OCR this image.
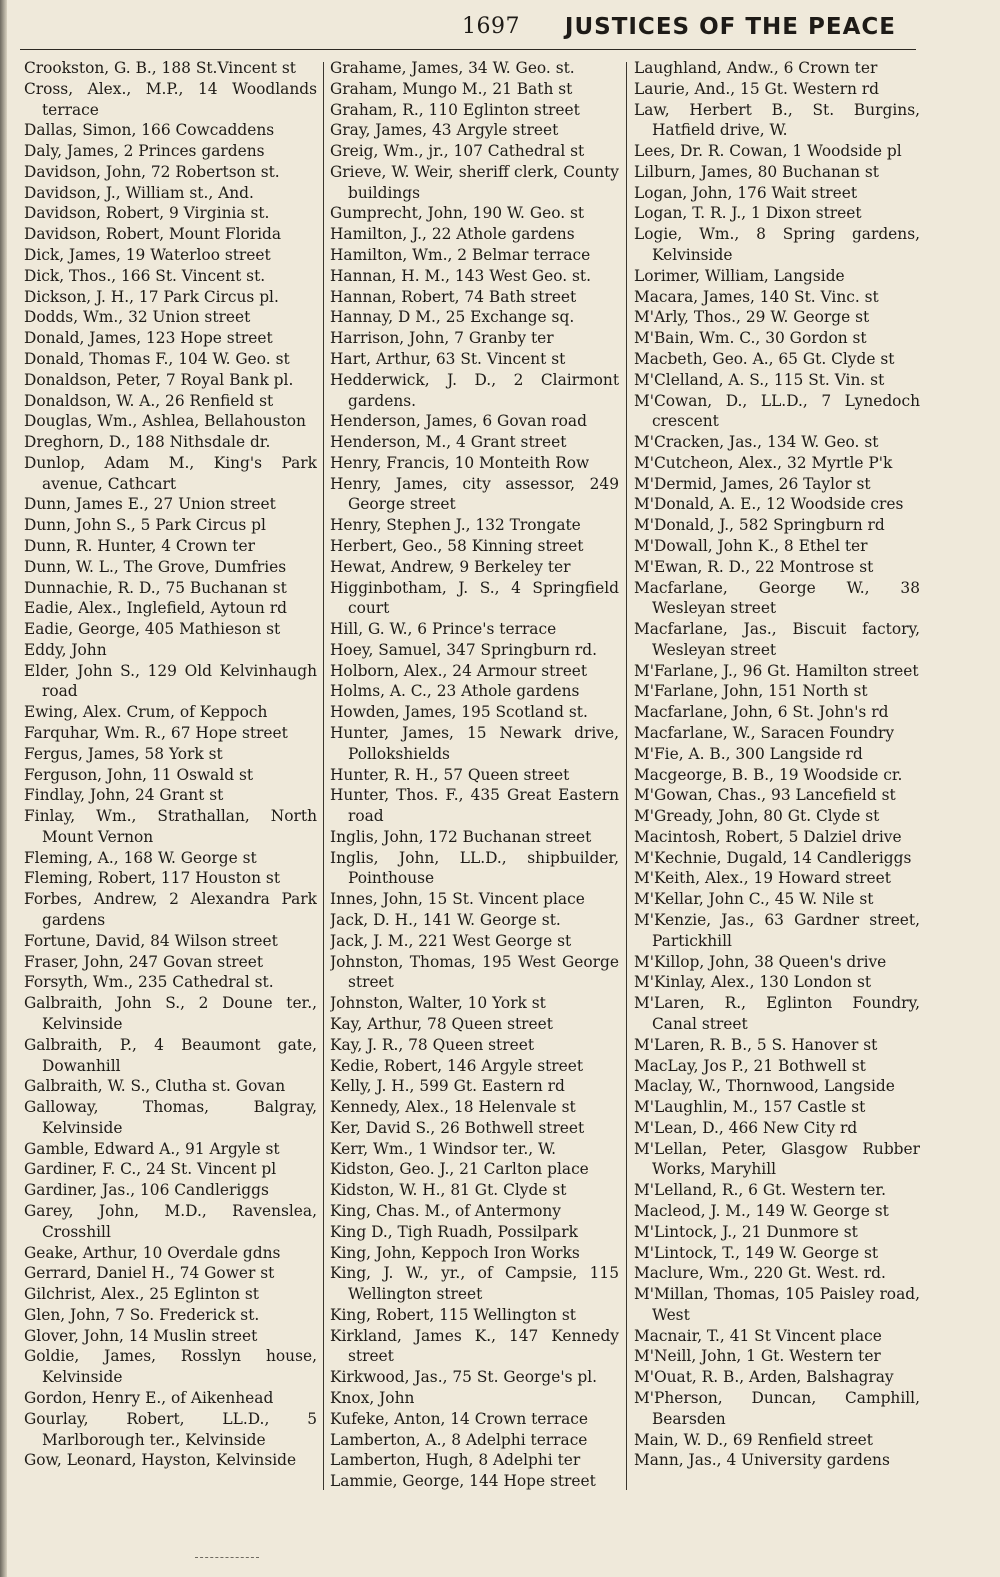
1697 JUSTICES OF THE PEACE
Crookston, G. B., 188 St.Vincent st
Cross, Alex., M.P., 14 Woodlands terrace
Dallas, Simon, 166 Cowcaddens
Daly, James, 2 Princes gardens
Davidson, John, 72 Robertson st.
Davidson, J., William st., And.
Davidson, Robert, 9 Virginia st.
Davidson, Robert, Mount Florida
Dick, James, 19 Waterloo street
Dick, Thos., 166 St. Vincent st.
Dickson, J. H., 17 Park Circus pl.
Dodds, Wm., 32 Union street
Donald, James, 123 Hope street
Donald, Thomas F., 104 W. Geo. st
Donaldson, Peter, 7 Royal Bank pl.
Donaldson, W. A., 26 Renfield st
Douglas, Wm., Ashlea, Bellahouston
Dreghorn, D., 188 Nithsdale dr.
Dunlop, Adam M., King's Park avenue, Cathcart
Dunn, James E., 27 Union street
Dunn, John S., 5 Park Circus pl
Dunn, R. Hunter, 4 Crown ter
Dunn, W. L., The Grove, Dumfries
Dunnachie, R. D., 75 Buchanan st
Eadie, Alex., Inglefield, Aytoun rd
Eadie, George, 405 Mathieson st
Eddy, John
Elder, John S., 129 Old Kelvinhaugh road
Ewing, Alex. Crum, of Keppoch
Farquhar, Wm. R., 67 Hope street
Fergus, James, 58 York st
Ferguson, John, 11 Oswald st
Findlay, John, 24 Grant st
Finlay, Wm., Strathallan, North Mount Vernon
Fleming, A., 168 W. George st
Fleming, Robert, 117 Houston st
Forbes, Andrew, 2 Alexandra Park gardens
Fortune, David, 84 Wilson street
Fraser, John, 247 Govan street
Forsyth, Wm., 235 Cathedral st.
Galbraith, John S., 2 Doune ter., Kelvinside
Galbraith, P., 4 Beaumont gate, Dowanhill
Galbraith, W. S., Clutha st. Govan
Galloway, Thomas, Balgray, Kelvinside
Gamble, Edward A., 91 Argyle st
Gardiner, F. C., 24 St. Vincent pl
Gardiner, Jas., 106 Candleriggs
Garey, John, M.D., Ravenslea, Crosshill
Geake, Arthur, 10 Overdale gdns
Gerrard, Daniel H., 74 Gower st
Gilchrist, Alex., 25 Eglinton st
Glen, John, 7 So. Frederick st.
Glover, John, 14 Muslin street
Goldie, James, Rosslyn house, Kelvinside
Gordon, Henry E., of Aikenhead
Gourlay, Robert, LL.D., 5 Marlborough ter., Kelvinside
Gow, Leonard, Hayston, Kelvinside
Grahame, James, 34 W. Geo. st.
Graham, Mungo M., 21 Bath st
Graham, R., 110 Eglinton street
Gray, James, 43 Argyle street
Greig, Wm., jr., 107 Cathedral st
Grieve, W. Weir, sheriff clerk, County buildings
Gumprecht, John, 190 W. Geo. st
Hamilton, J., 22 Athole gardens
Hamilton, Wm., 2 Belmar terrace
Hannan, H. M., 143 West Geo. st.
Hannan, Robert, 74 Bath street
Hannay, D M., 25 Exchange sq.
Harrison, John, 7 Granby ter
Hart, Arthur, 63 St. Vincent st
Hedderwick, J. D., 2 Clairmont gardens.
Henderson, James, 6 Govan road
Henderson, M., 4 Grant street
Henry, Francis, 10 Monteith Row
Henry, James, city assessor, 249 George street
Henry, Stephen J., 132 Trongate
Herbert, Geo., 58 Kinning street
Hewat, Andrew, 9 Berkeley ter
Higginbotham, J. S., 4 Springfield court
Hill, G. W., 6 Prince's terrace
Hoey, Samuel, 347 Springburn rd.
Holborn, Alex., 24 Armour street
Holms, A. C., 23 Athole gardens
Howden, James, 195 Scotland st.
Hunter, James, 15 Newark drive, Pollokshields
Hunter, R. H., 57 Queen street
Hunter, Thos. F., 435 Great Eastern road
Inglis, John, 172 Buchanan street
Inglis, John, LL.D., shipbuilder, Pointhouse
Innes, John, 15 St. Vincent place
Jack, D. H., 141 W. George st.
Jack, J. M., 221 West George st
Johnston, Thomas, 195 West George street
Johnston, Walter, 10 York st
Kay, Arthur, 78 Queen street
Kay, J. R., 78 Queen street
Kedie, Robert, 146 Argyle street
Kelly, J. H., 599 Gt. Eastern rd
Kennedy, Alex., 18 Helenvale st
Ker, David S., 26 Bothwell street
Kerr, Wm., 1 Windsor ter., W.
Kidston, Geo. J., 21 Carlton place
Kidston, W. H., 81 Gt. Clyde st
King, Chas. M., of Antermony
King D., Tigh Ruadh, Possilpark
King, John, Keppoch Iron Works
King, J. W., yr., of Campsie, 115 Wellington street
King, Robert, 115 Wellington st
Kirkland, James K., 147 Kennedy street
Kirkwood, Jas., 75 St. George's pl.
Knox, John
Kufeke, Anton, 14 Crown terrace
Lamberton, A., 8 Adelphi terrace
Lamberton, Hugh, 8 Adelphi ter
Lammie, George, 144 Hope street
Laughland, Andw., 6 Crown ter
Laurie, And., 15 Gt. Western rd
Law, Herbert B., St. Burgins, Hatfield drive, W.
Lees, Dr. R. Cowan, 1 Woodside pl
Lilburn, James, 80 Buchanan st
Logan, John, 176 Wait street
Logan, T. R. J., 1 Dixon street
Logie, Wm., 8 Spring gardens, Kelvinside
Lorimer, William, Langside
Macara, James, 140 St. Vinc. st
M'Arly, Thos., 29 W. George st
M'Bain, Wm. C., 30 Gordon st
Macbeth, Geo. A., 65 Gt. Clyde st
M'Clelland, A. S., 115 St. Vin. st
M'Cowan, D., LL.D., 7 Lynedoch crescent
M'Cracken, Jas., 134 W. Geo. st
M'Cutcheon, Alex., 32 Myrtle P'k
M'Dermid, James, 26 Taylor st
M'Donald, A. E., 12 Woodside cres
M'Donald, J., 582 Springburn rd
M'Dowall, John K., 8 Ethel ter
M'Ewan, R. D., 22 Montrose st
Macfarlane, George W., 38 Wesleyan street
Macfarlane, Jas., Biscuit factory, Wesleyan street
M'Farlane, J., 96 Gt. Hamilton street
M'Farlane, John, 151 North st
Macfarlane, John, 6 St. John's rd
Macfarlane, W., Saracen Foundry
M'Fie, A. B., 300 Langside rd
Macgeorge, B. B., 19 Woodside cr.
M'Gowan, Chas., 93 Lancefield st
M'Gready, John, 80 Gt. Clyde st
Macintosh, Robert, 5 Dalziel drive
M'Kechnie, Dugald, 14 Candleriggs
M'Keith, Alex., 19 Howard street
M'Kellar, John C., 45 W. Nile st
M'Kenzie, Jas., 63 Gardner street, Partickhill
M'Killop, John, 38 Queen's drive
M'Kinlay, Alex., 130 London st
M'Laren, R., Eglinton Foundry, Canal street
M'Laren, R. B., 5 S. Hanover st
MacLay, Jos P., 21 Bothwell st
Maclay, W., Thornwood, Langside
M'Laughlin, M., 157 Castle st
M'Lean, D., 466 New City rd
M'Lellan, Peter, Glasgow Rubber Works, Maryhill
M'Lelland, R., 6 Gt. Western ter.
Macleod, J. M., 149 W. George st
M'Lintock, J., 21 Dunmore st
M'Lintock, T., 149 W. George st
Maclure, Wm., 220 Gt. West. rd.
M'Millan, Thomas, 105 Paisley road, West
Macnair, T., 41 St Vincent place
M'Neill, John, 1 Gt. Western ter
M'Ouat, R. B., Arden, Balshagray
M'Pherson, Duncan, Camphill, Bearsden
Main, W. D., 69 Renfield street
Mann, Jas., 4 University gardens
